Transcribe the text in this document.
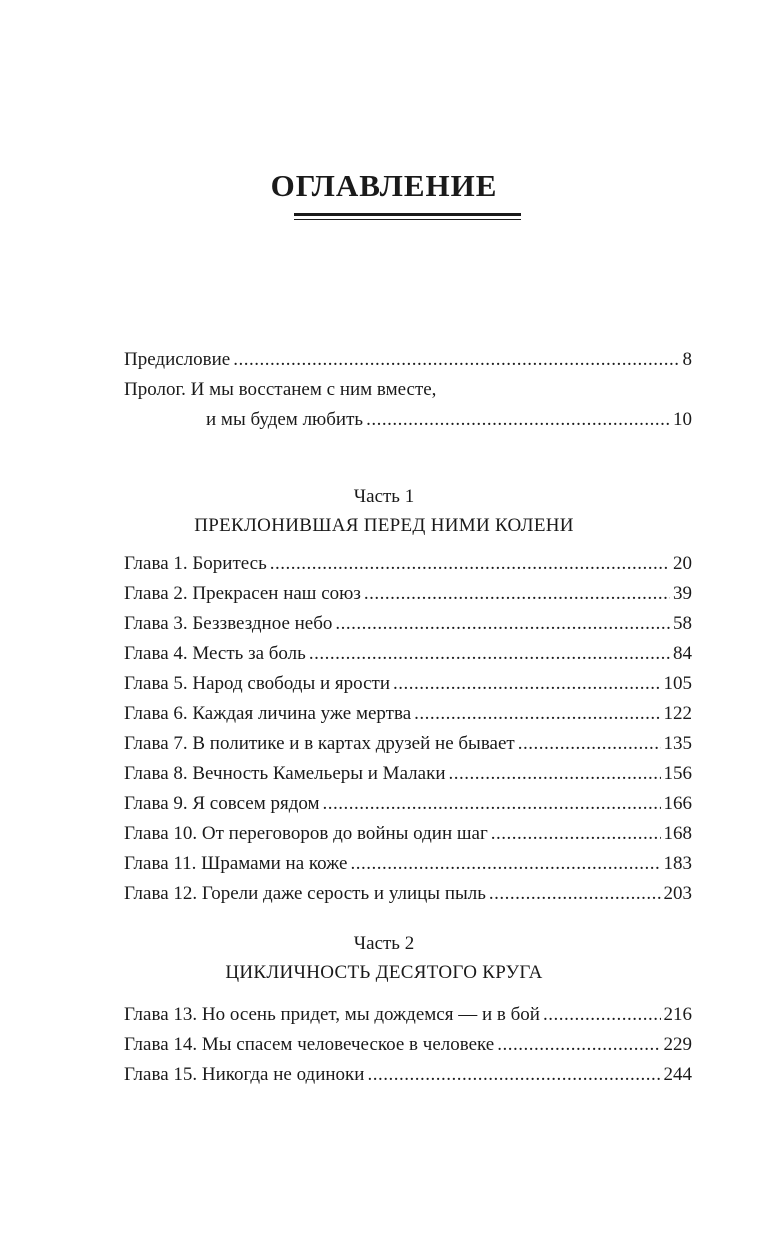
ОГЛАВЛЕНИЕ
Предисловие .....	8
Пролог. И мы восстанем с ним вместе,
и мы будем любить .....	10
Часть 1
ПРЕКЛОНИВШАЯ ПЕРЕД НИМИ КОЛЕНИ
Глава 1. Боритесь .....	20
Глава 2. Прекрасен наш союз .....	39
Глава 3. Беззвездное небо .....	58
Глава 4. Месть за боль .....	84
Глава 5. Народ свободы и ярости .....	105
Глава 6. Каждая личина уже мертва .....	122
Глава 7. В политике и в картах друзей не бывает .....	135
Глава 8. Вечность Камельеры и Малаки .....	156
Глава 9. Я совсем рядом .....	166
Глава 10. От переговоров до войны один шаг .....	168
Глава 11. Шрамами на коже .....	183
Глава 12. Горели даже серость и улицы пыль .....	203
Часть 2
ЦИКЛИЧНОСТЬ ДЕСЯТОГО КРУГА
Глава 13. Но осень придет, мы дождемся — и в бой .....	216
Глава 14. Мы спасем человеческое в человеке .....	229
Глава 15. Никогда не одиноки .....	244
